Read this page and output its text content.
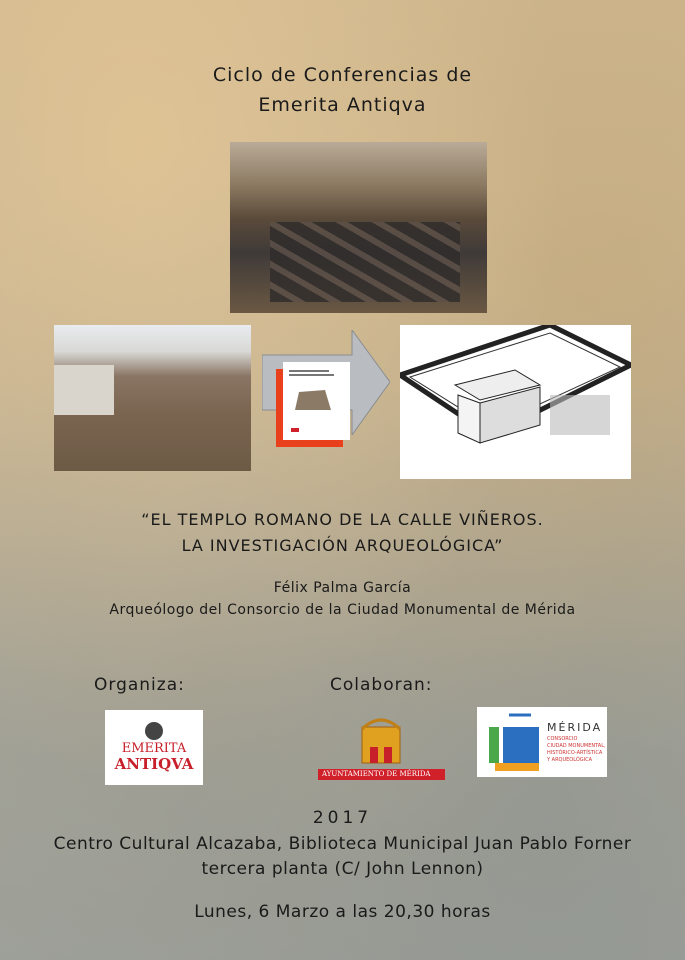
Ciclo de Conferencias de
Emerita Antiqva
“EL TEMPLO ROMANO DE LA CALLE VIÑEROS.
LA INVESTIGACIÓN ARQUEOLÓGICA”
Félix Palma García
Arqueólogo del Consorcio de la Ciudad Monumental de Mérida
Organiza:	Colaboran:
EMERITA
ANTIQVA
AYUNTAMIENTO DE MÉRIDA
MÉRIDA
CONSORCIO
CIUDAD MONUMENTAL,
HISTÓRICO-ARTÍSTICA
Y ARQUEOLÓGICA
2017
Centro Cultural Alcazaba, Biblioteca Municipal Juan Pablo Forner
tercera planta (C/ John Lennon)
Lunes, 6 Marzo a las 20,30 horas
